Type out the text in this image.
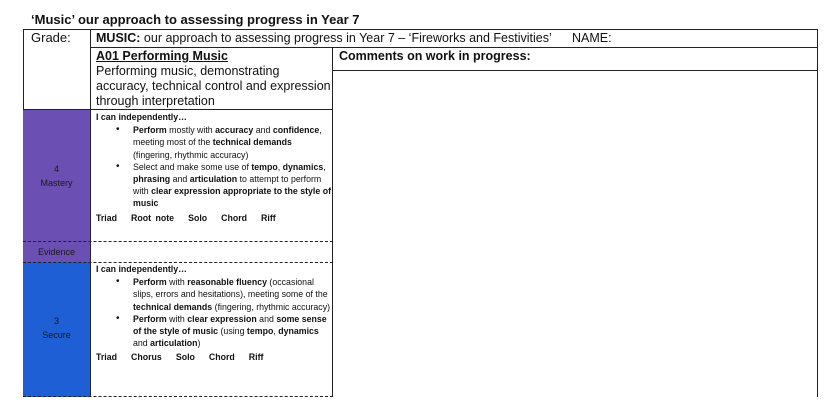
‘Music’ our approach to assessing progress in Year 7
Grade: MUSIC: our approach to assessing progress in Year 7 – ‘Fireworks and Festivities’ NAME:
A01 Performing Music
Performing music, demonstrating accuracy, technical control and expression through interpretation
Comments on work in progress:
4
Mastery
Evidence
3
Secure
I can independently…
• Perform mostly with accuracy and confidence, meeting most of the technical demands (fingering, rhythmic accuracy)
• Select and make some use of tempo, dynamics, phrasing and articulation to attempt to perform with clear expression appropriate to the style of music
Triad Root note Solo Chord Riff
I can independently…
• Perform with reasonable fluency (occasional slips, errors and hesitations), meeting some of the technical demands (fingering, rhythmic accuracy)
• Perform with clear expression and some sense of the style of music (using tempo, dynamics and articulation)
Triad Chorus Solo Chord Riff
